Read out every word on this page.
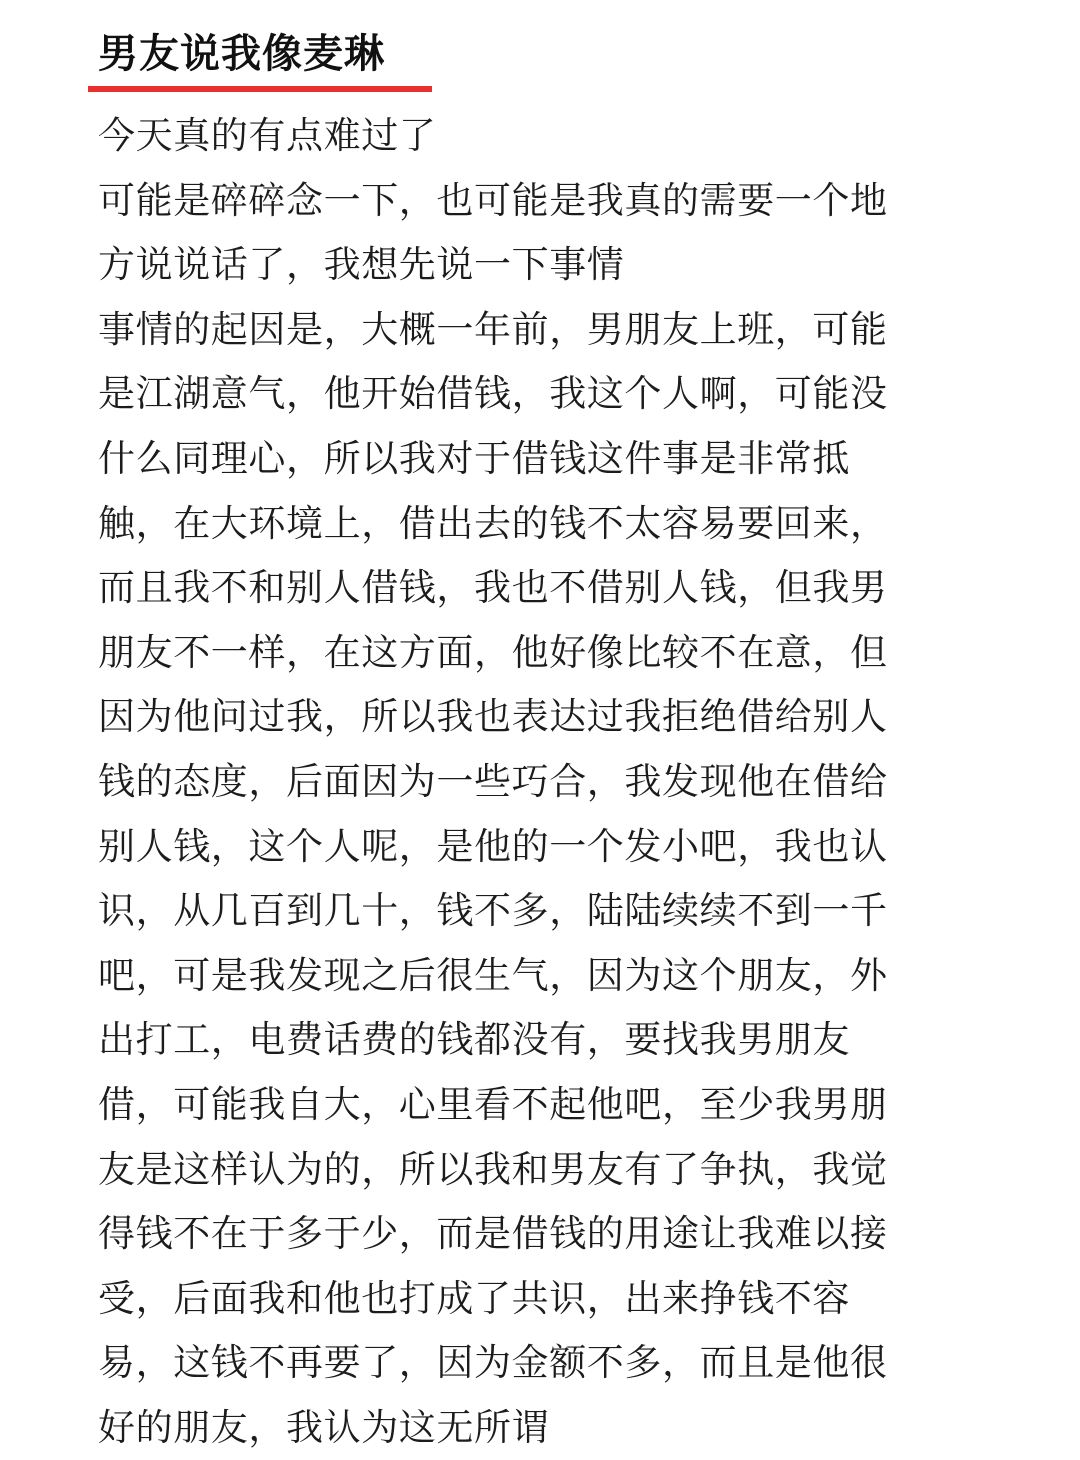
男友说我像麦琳
今天真的有点难过了
可能是碎碎念一下，也可能是我真的需要一个地
方说说话了，我想先说一下事情
事情的起因是，大概一年前，男朋友上班，可能
是江湖意气，他开始借钱，我这个人啊，可能没
什么同理心，所以我对于借钱这件事是非常抵
触，在大环境上，借出去的钱不太容易要回来，
而且我不和别人借钱，我也不借别人钱，但我男
朋友不一样，在这方面，他好像比较不在意，但
因为他问过我，所以我也表达过我拒绝借给别人
钱的态度，后面因为一些巧合，我发现他在借给
别人钱，这个人呢，是他的一个发小吧，我也认
识，从几百到几十，钱不多，陆陆续续不到一千
吧，可是我发现之后很生气，因为这个朋友，外
出打工，电费话费的钱都没有，要找我男朋友
借，可能我自大，心里看不起他吧，至少我男朋
友是这样认为的，所以我和男友有了争执，我觉
得钱不在于多于少，而是借钱的用途让我难以接
受，后面我和他也打成了共识，出来挣钱不容
易，这钱不再要了，因为金额不多，而且是他很
好的朋友，我认为这无所谓
